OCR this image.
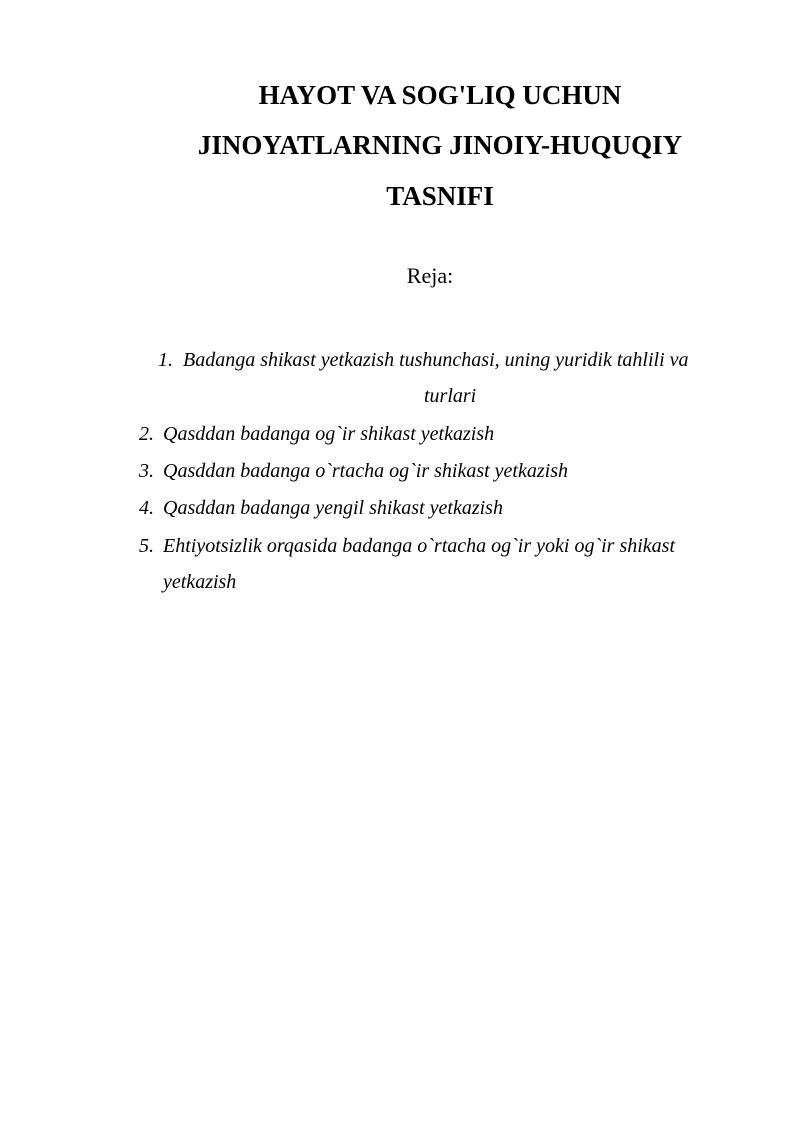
HAYOT VA SOG'LIQ UCHUN
JINOYATLARNING JINOIY-HUQUQIY
TASNIFI
Reja:
1. Badanga shikast yetkazish tushunchasi, uning yuridik tahlili va
turlari
2. Qasddan badanga og`ir shikast yetkazish
3. Qasddan badanga o`rtacha og`ir shikast yetkazish
4. Qasddan badanga yengil shikast yetkazish
5. Ehtiyotsizlik orqasida badanga o`rtacha og`ir yoki og`ir shikast
yetkazish
